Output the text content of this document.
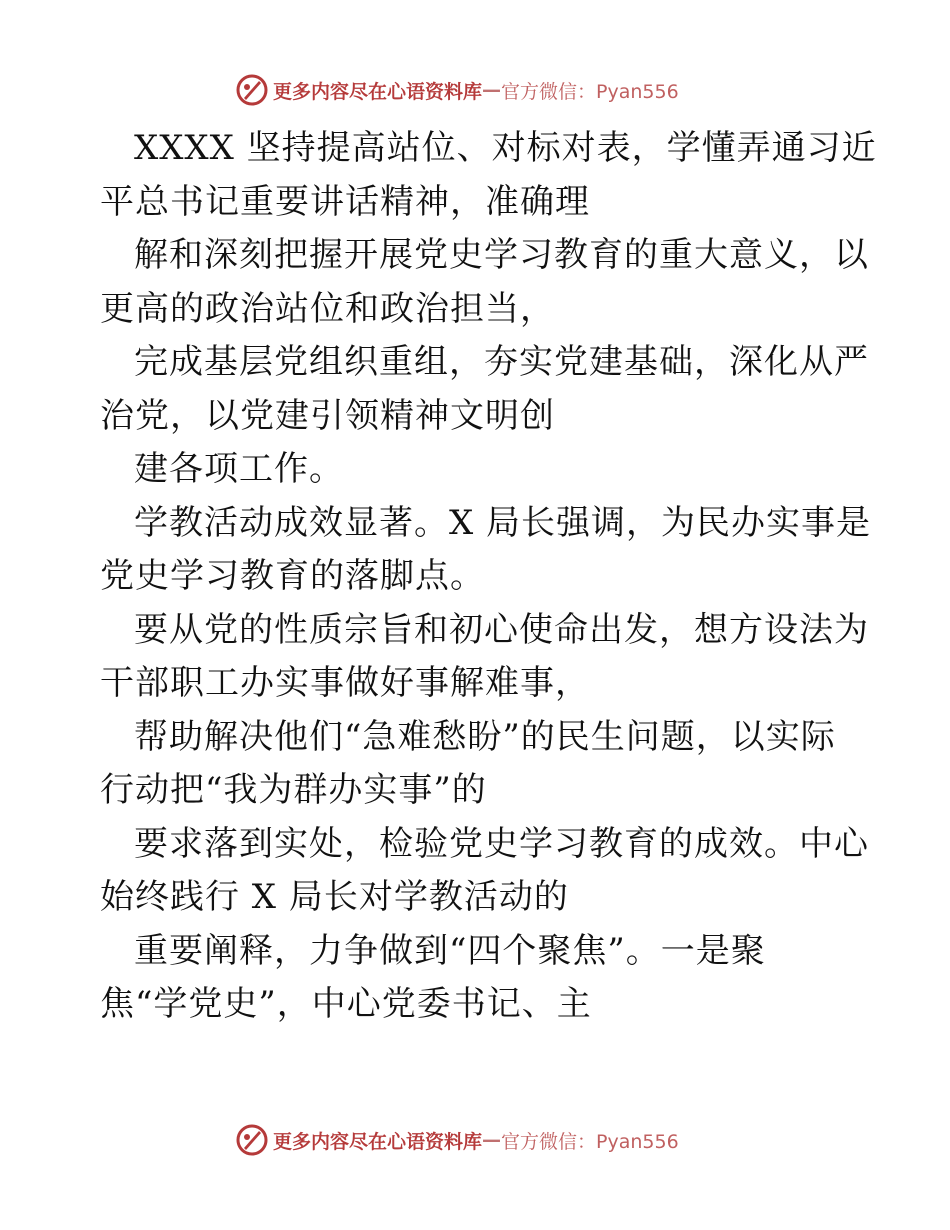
更多内容尽在心语资料库 — 官方微信：Pyan556
XXXX 坚持提高站位、对标对表，学懂弄通习近
平总书记重要讲话精神，准确理
解和深刻把握开展党史学习教育的重大意义，以
更高的政治站位和政治担当，
完成基层党组织重组，夯实党建基础，深化从严
治党，以党建引领精神文明创
建各项工作。
学教活动成效显著。X 局长强调，为民办实事是
党史学习教育的落脚点。
要从党的性质宗旨和初心使命出发，想方设法为
干部职工办实事做好事解难事，
帮助解决他们“急难愁盼”的民生问题，以实际
行动把“我为群办实事”的
要求落到实处，检验党史学习教育的成效。中心
始终践行 X 局长对学教活动的
重要阐释，力争做到“四个聚焦”。一是聚
焦“学党史”，中心党委书记、主
更多内容尽在心语资料库 — 官方微信：Pyan556
